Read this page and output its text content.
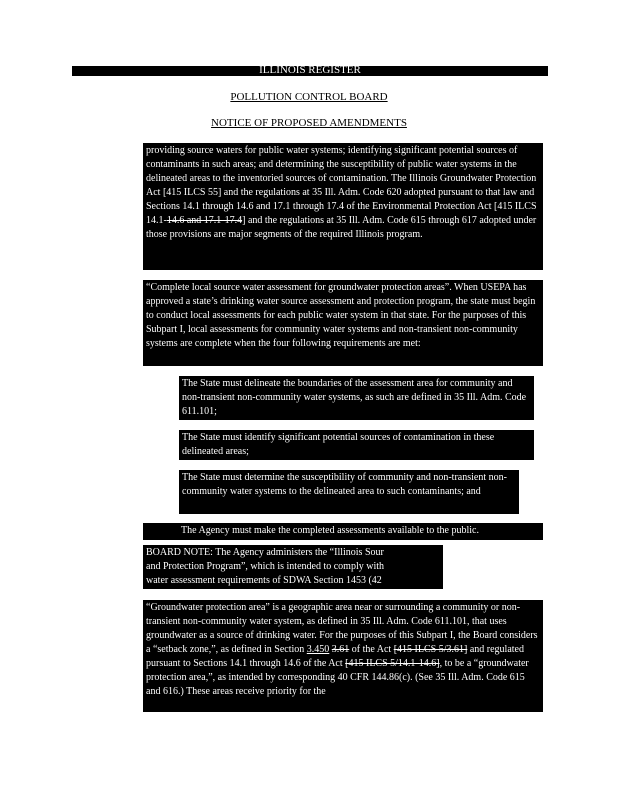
ILLINOIS REGISTER
POLLUTION CONTROL BOARD
NOTICE OF PROPOSED AMENDMENTS
providing source waters for public water systems; identifying significant potential sources of contaminants in such areas; and determining the susceptibility of public water systems in the delineated areas to the inventoried sources of contamination. The Illinois Groundwater Protection Act [415 ILCS 55] and the regulations at 35 Ill. Adm. Code 620 adopted pursuant to that law and Sections 14.1 through 14.6 and 17.1 through 17.4 of the Environmental Protection Act [415 ILCS 14.1-14.6 and 17.1-17.4] and the regulations at 35 Ill. Adm. Code 615 through 617 adopted under those provisions are major segments of the required Illinois program.
“Complete local source water assessment for groundwater protection areas”. When USEPA has approved a state’s drinking water source assessment and protection program, the state must begin to conduct local assessments for each public water system in that state. For the purposes of this Subpart I, local assessments for community water systems and non-transient non-community systems are complete when the four following requirements are met:
The State must delineate the boundaries of the assessment area for community and non-transient non-community water systems, as such are defined in 35 Ill. Adm. Code 611.101;
The State must identify significant potential sources of contamination in these delineated areas;
The State must determine the susceptibility of community and non-transient non-community water systems to the delineated area to such contaminants; and
The Agency must make the completed assessments available to the public.
BOARD NOTE: The Agency administers the “Illinois Sour
and Protection Program”, which is intended to comply with
water assessment requirements of SDWA Section 1453 (42
“Groundwater protection area” is a geographic area near or surrounding a community or non-transient non-community water system, as defined in 35 Ill. Adm. Code 611.101, that uses groundwater as a source of drinking water. For the purposes of this Subpart I, the Board considers a “setback zone,”, as defined in Section 3.450 3.61 of the Act [415 ILCS 5/3.61] and regulated pursuant to Sections 14.1 through 14.6 of the Act [415 ILCS 5/14.1-14.6], to be a “groundwater protection area,”, as intended by corresponding 40 CFR 144.86(c). (See 35 Ill. Adm. Code 615 and 616.) These areas receive priority for the
